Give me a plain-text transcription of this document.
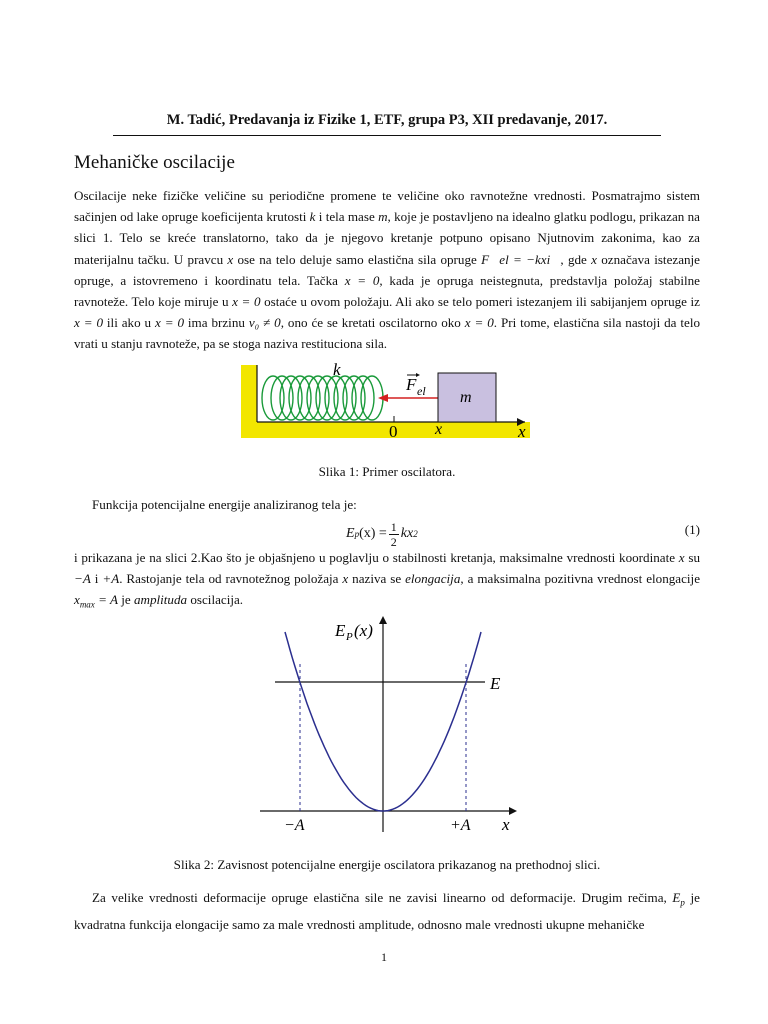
M. Tadić, Predavanja iz Fizike 1, ETF, grupa P3, XII predavanje, 2017.
Mehaničke oscilacije
Oscilacije neke fizičke veličine su periodične promene te veličine oko ravnotežne vrednosti. Posmatrajmo sistem sačinjen od lake opruge koeficijenta krutosti k i tela mase m, koje je postavljeno na idealno glatku podlogu, prikazan na slici 1. Telo se kreće translatorno, tako da je njegovo kretanje potpuno opisano Njutnovim zakonima, kao za materijalnu tačku. U pravcu x ose na telo deluje samo elastična sila opruge F⃗el = −kxi⃗, gde x označava istezanje opruge, a istovremeno i koordinatu tela. Tačka x = 0, kada je opruga neistegnuta, predstavlja položaj stabilne ravnoteže. Telo koje miruje u x = 0 ostaće u ovom položaju. Ali ako se telo pomeri istezanjem ili sabijanjem opruge iz x = 0 ili ako u x = 0 ima brzinu v₀ ≠ 0, ono će se kretati oscilatorno oko x = 0. Pri tome, elastična sila nastoji da telo vrati u stanju ravnoteže, pa se stoga naziva restituciona sila.
k
F el m
0 x	x
Slika 1: Primer oscilatora.
Funkcija potencijalne energije analiziranog tela je:
E p $(x) = \frac{1}{2}$ kx 2	(1)
i prikazana je na slici 2.Kao što je objašnjeno u poglavlju o stabilnosti kretanja, maksimalne vrednosti koordinate x su −A i +A. Rastojanje tela od ravnotežnog položaja x naziva se elongacija, a maksimalna pozitivna vrednost elongacije $x_{max} = A$ je amplituda oscilacija.
E P (x)
E
−A	+A x
Slika 2: Zavisnost potencijalne energije oscilatora prikazanog na prethodnoj slici.
Za velike vrednosti deformacije opruge elastična sile ne zavisi linearno od deformacije. Drugim rečima, $E_p$ je kvadratna funkcija elongacije samo za male vrednosti amplitude, odnosno male vrednosti ukupne mehaničke
1
